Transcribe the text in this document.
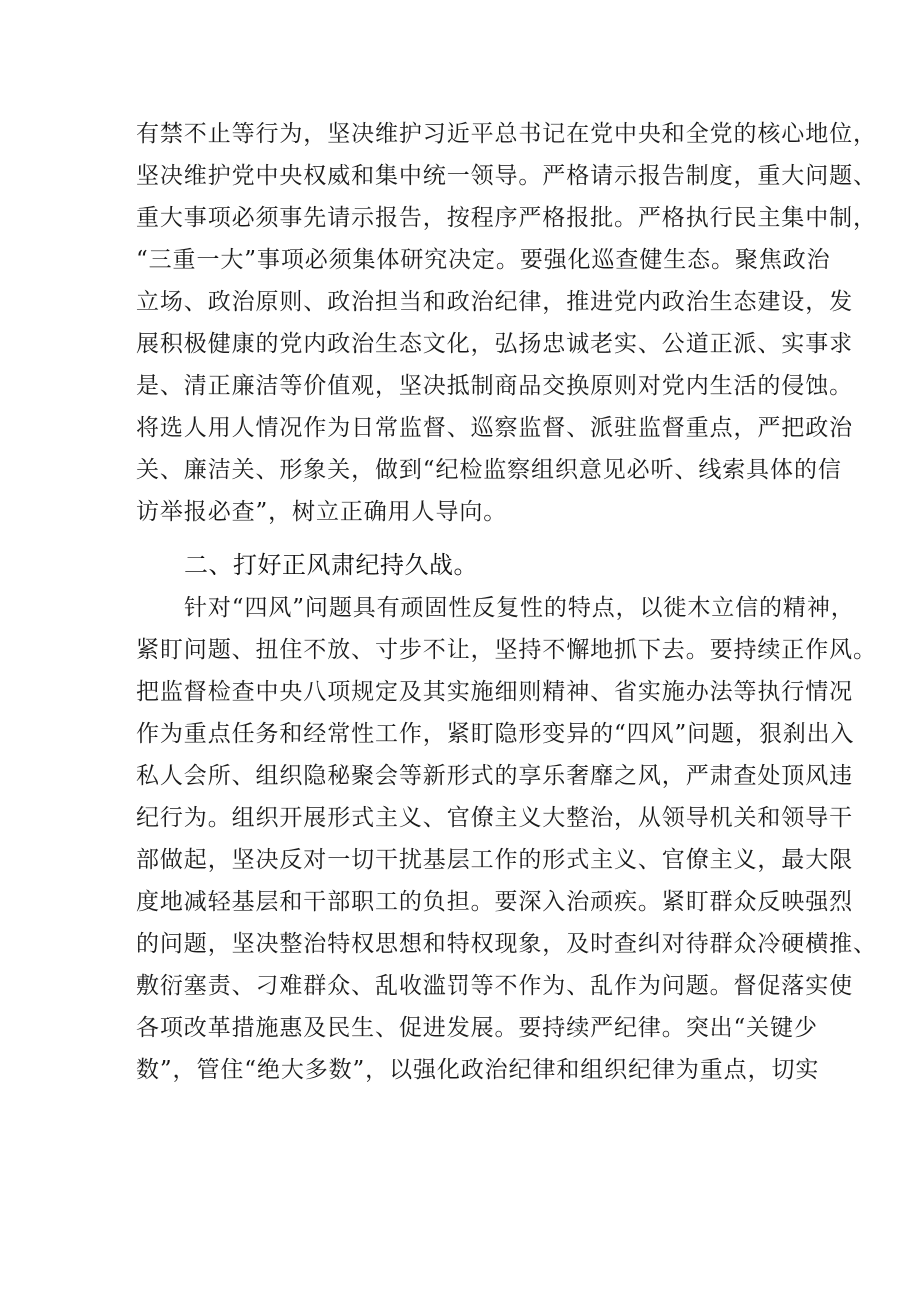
有禁不止等行为，坚决维护习近平总书记在党中央和全党的核心地位，
坚决维护党中央权威和集中统一领导。严格请示报告制度，重大问题、
重大事项必须事先请示报告，按程序严格报批。严格执行民主集中制，
“三重一大”事项必须集体研究决定。要强化巡查健生态。聚焦政治
立场、政治原则、政治担当和政治纪律，推进党内政治生态建设，发
展积极健康的党内政治生态文化，弘扬忠诚老实、公道正派、实事求
是、清正廉洁等价值观，坚决抵制商品交换原则对党内生活的侵蚀。
将选人用人情况作为日常监督、巡察监督、派驻监督重点，严把政治
关、廉洁关、形象关，做到“纪检监察组织意见必听、线索具体的信
访举报必查”，树立正确用人导向。
二、打好正风肃纪持久战。
针对“四风”问题具有顽固性反复性的特点，以徙木立信的精神，
紧盯问题、扭住不放、寸步不让，坚持不懈地抓下去。要持续正作风。
把监督检查中央八项规定及其实施细则精神、省实施办法等执行情况
作为重点任务和经常性工作，紧盯隐形变异的“四风”问题，狠刹出入
私人会所、组织隐秘聚会等新形式的享乐奢靡之风，严肃查处顶风违
纪行为。组织开展形式主义、官僚主义大整治，从领导机关和领导干
部做起，坚决反对一切干扰基层工作的形式主义、官僚主义，最大限
度地减轻基层和干部职工的负担。要深入治顽疾。紧盯群众反映强烈
的问题，坚决整治特权思想和特权现象，及时查纠对待群众冷硬横推、
敷衍塞责、刁难群众、乱收滥罚等不作为、乱作为问题。督促落实使
各项改革措施惠及民生、促进发展。要持续严纪律。突出“关键少
数”，管住“绝大多数”，以强化政治纪律和组织纪律为重点，切实
